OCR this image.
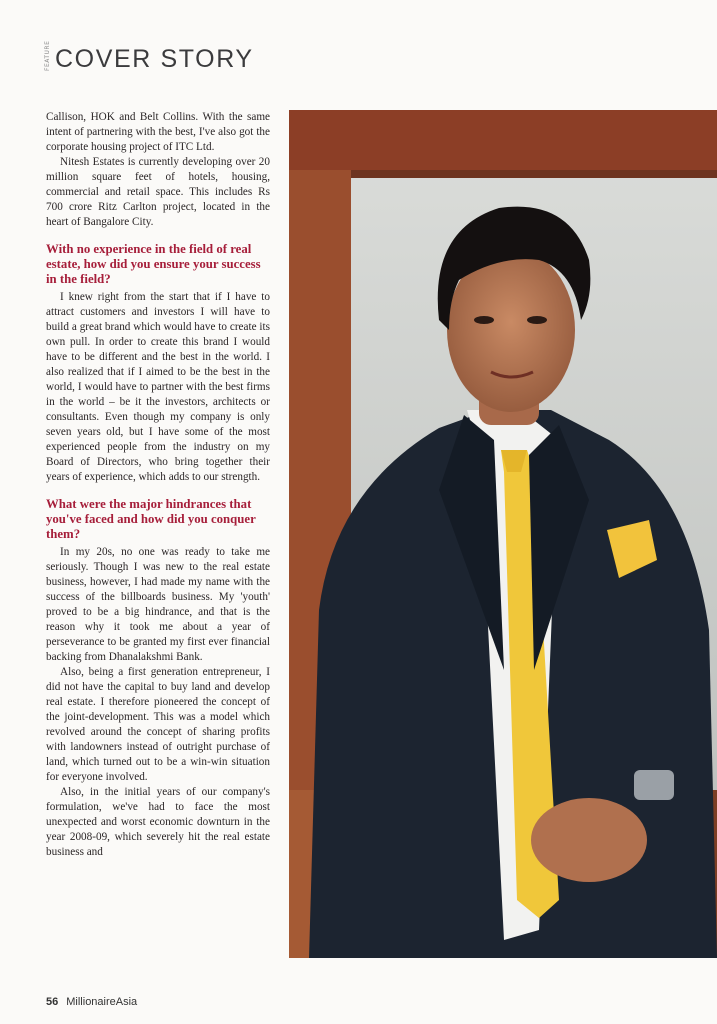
FEATURE COVER STORY

Callison, HOK and Belt Collins. With the same intent of partnering with the best, I've also got the corporate housing project of ITC Ltd.

Nitesh Estates is currently developing over 20 million square feet of hotels, housing, commercial and retail space. This includes Rs 700 crore Ritz Carlton project, located in the heart of Bangalore City.

With no experience in the field of real estate, how did you ensure your success in the field?

I knew right from the start that if I have to attract customers and investors I will have to build a great brand which would have to create its own pull. In order to create this brand I would have to be different and the best in the world. I also realized that if I aimed to be the best in the world, I would have to partner with the best firms in the world – be it the investors, architects or consultants. Even though my company is only seven years old, but I have some of the most experienced people from the industry on my Board of Directors, who bring together their years of experience, which adds to our strength.

What were the major hindrances that you've faced and how did you conquer them?

In my 20s, no one was ready to take me seriously. Though I was new to the real estate business, however, I had made my name with the success of the billboards business. My 'youth' proved to be a big hindrance, and that is the reason why it took me about a year of perseverance to be granted my first ever financial backing from Dhanalakshmi Bank.

Also, being a first generation entrepreneur, I did not have the capital to buy land and develop real estate. I therefore pioneered the concept of the joint-development. This was a model which revolved around the concept of sharing profits with landowners instead of outright purchase of land, which turned out to be a win-win situation for everyone involved.

Also, in the initial years of our company's formulation, we've had to face the most unexpected and worst economic downturn in the year 2008-09, which severely hit the real estate business and

56 MillionaireAsia
